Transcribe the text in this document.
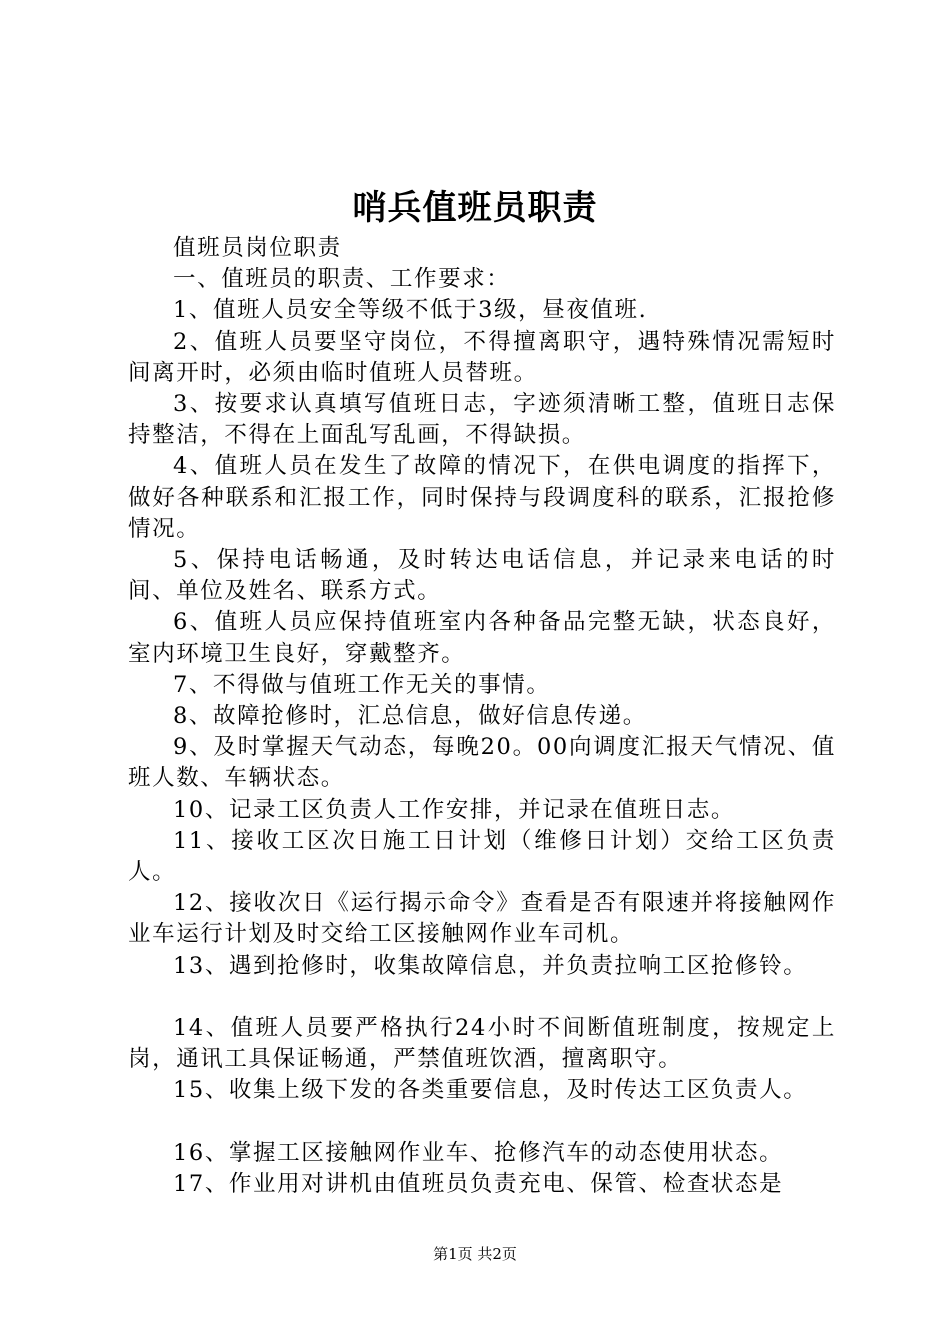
哨兵值班员职责

值班员岗位职责

一、值班员的职责、工作要求：

1、值班人员安全等级不低于3级，昼夜值班.

2、值班人员要坚守岗位，不得擅离职守，遇特殊情况需短时间离开时，必须由临时值班人员替班。

3、按要求认真填写值班日志，字迹须清晰工整，值班日志保持整洁，不得在上面乱写乱画，不得缺损。

4、值班人员在发生了故障的情况下，在供电调度的指挥下，做好各种联系和汇报工作，同时保持与段调度科的联系，汇报抢修情况。

5、保持电话畅通，及时转达电话信息，并记录来电话的时间、单位及姓名、联系方式。

6、值班人员应保持值班室内各种备品完整无缺，状态良好，室内环境卫生良好，穿戴整齐。

7、不得做与值班工作无关的事情。

8、故障抢修时，汇总信息，做好信息传递。

9、及时掌握天气动态，每晚20。00向调度汇报天气情况、值班人数、车辆状态。

10、记录工区负责人工作安排，并记录在值班日志。

11、接收工区次日施工日计划（维修日计划）交给工区负责人。

12、接收次日《运行揭示命令》查看是否有限速并将接触网作业车运行计划及时交给工区接触网作业车司机。

13、遇到抢修时，收集故障信息，并负责拉响工区抢修铃。

14、值班人员要严格执行24小时不间断值班制度，按规定上岗，通讯工具保证畅通，严禁值班饮酒，擅离职守。

15、收集上级下发的各类重要信息，及时传达工区负责人。

16、掌握工区接触网作业车、抢修汽车的动态使用状态。

17、作业用对讲机由值班员负责充电、保管、检查状态是

第1页 共2页
